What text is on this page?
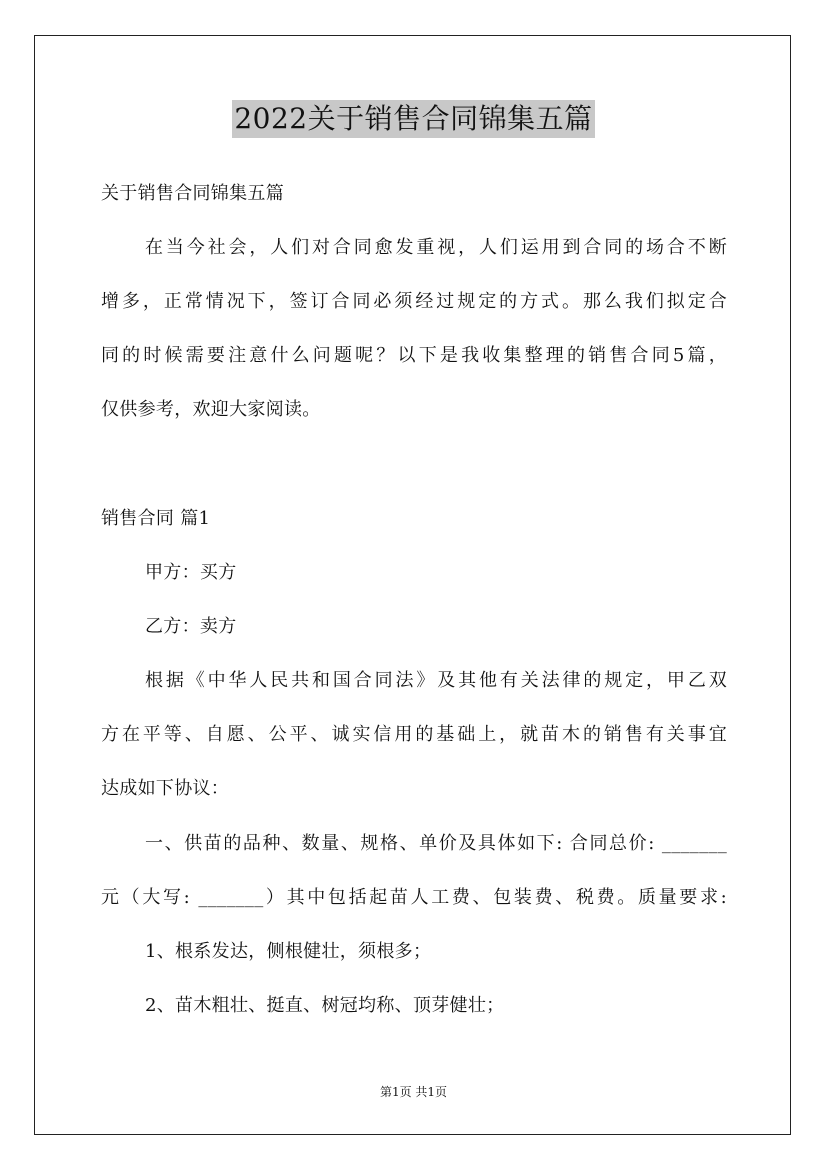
2022关于销售合同锦集五篇
关于销售合同锦集五篇
在当今社会，人们对合同愈发重视，人们运用到合同的场合不断
增多，正常情况下，签订合同必须经过规定的方式。那么我们拟定合
同的时候需要注意什么问题呢？以下是我收集整理的销售合同5篇，
仅供参考，欢迎大家阅读。
销售合同 篇1
甲方：买方
乙方：卖方
根据《中华人民共和国合同法》及其他有关法律的规定，甲乙双
方在平等、自愿、公平、诚实信用的基础上，就苗木的销售有关事宜
达成如下协议：
一、供苗的品种、数量、规格、单价及具体如下: 合同总价: _______
元（大写: _______）其中包括起苗人工费、包装费、税费。质量要求:
1、根系发达，侧根健壮，须根多；
2、苗木粗壮、挺直、树冠均称、顶芽健壮；
第1页 共1页
